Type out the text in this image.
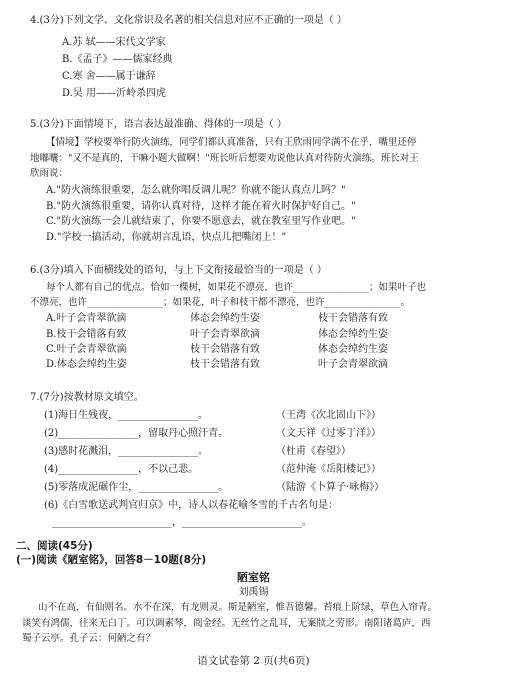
4.(3分)下列文学、文化常识及名著的相关信息对应不正确的一项是（ ）
A.苏 轼——宋代文学家
B.《孟子》——儒家经典
C.寒 舍——属于谦辞
D.吴 用——沂岭杀四虎
5.(3分)下面情境下，语言表达最准确、得体的一项是（ ）
【情境】学校要举行防火演练，同学们都认真准备，只有王欣雨同学满不在乎，嘴里还停
地嘟囔："又不是真的，干嘛小题大做啊！"班长听后想要劝说他认真对待防火演练。班长对王
欣雨说：
A."防火演练很重要，怎么就你唱反调儿呢？你就不能认真点儿吗？"
B."防火演练很重要，请你认真对待，这样才能在着火时保护好自己。"
C."防火演练一会儿就结束了，你要不愿意去，就在教室里写作业吧。"
D."学校一搞活动，你就胡言乱语，快点儿把嘴闭上！"
6.(3分)填入下面横线处的语句，与上下文衔接最恰当的一项是（ ）
每个人都有自己的优点。恰如一棵树，如果花不漂亮，也许________________；如果叶子也
不漂亮，也许________________；如果花，叶子和枝干都不漂亮，也许________________。
A.叶子会青翠欲滴	体态会绰约生姿	枝干会错落有致
B.枝干会错落有致	叶子会青翠欲滴	体态会绰约生姿
C.叶子会青翠欲滴	枝干会错落有致	体态会绰约生姿
D.体态会绰约生姿	枝干会错落有致	叶子会青翠欲滴
7.(7分)按教材原文填空。
(1)海日生残夜，________________。	（王湾《次北固山下》）
(2)________________，留取丹心照汗青。	（文天祥《过零丁洋》）
(3)感时花溅泪，________________。	（杜甫《春望》）
(4)________________，不以己悲。	（范仲淹《岳阳楼记》）
(5)零落成泥碾作尘，________________。	（陆游《卜算子·咏梅》）
(6)《白雪歌送武判官归京》中，诗人以春花喻冬雪的千古名句是：
________________________，________________________。
二、阅读(45分)
(一)阅读《陋室铭》，回答8－10题(8分)
陋室铭
刘禹锡
山不在高，有仙则名。水不在深，有龙则灵。斯是陋室，惟吾德馨。苔痕上阶绿，草色入帘青。
谈笑有鸿儒，往来无白丁。可以调素琴，阅金经。无丝竹之乱耳，无案牍之劳形。南阳诸葛庐，西
蜀子云亭。孔子云：何陋之有？
语文试卷第 2 页(共6页)
